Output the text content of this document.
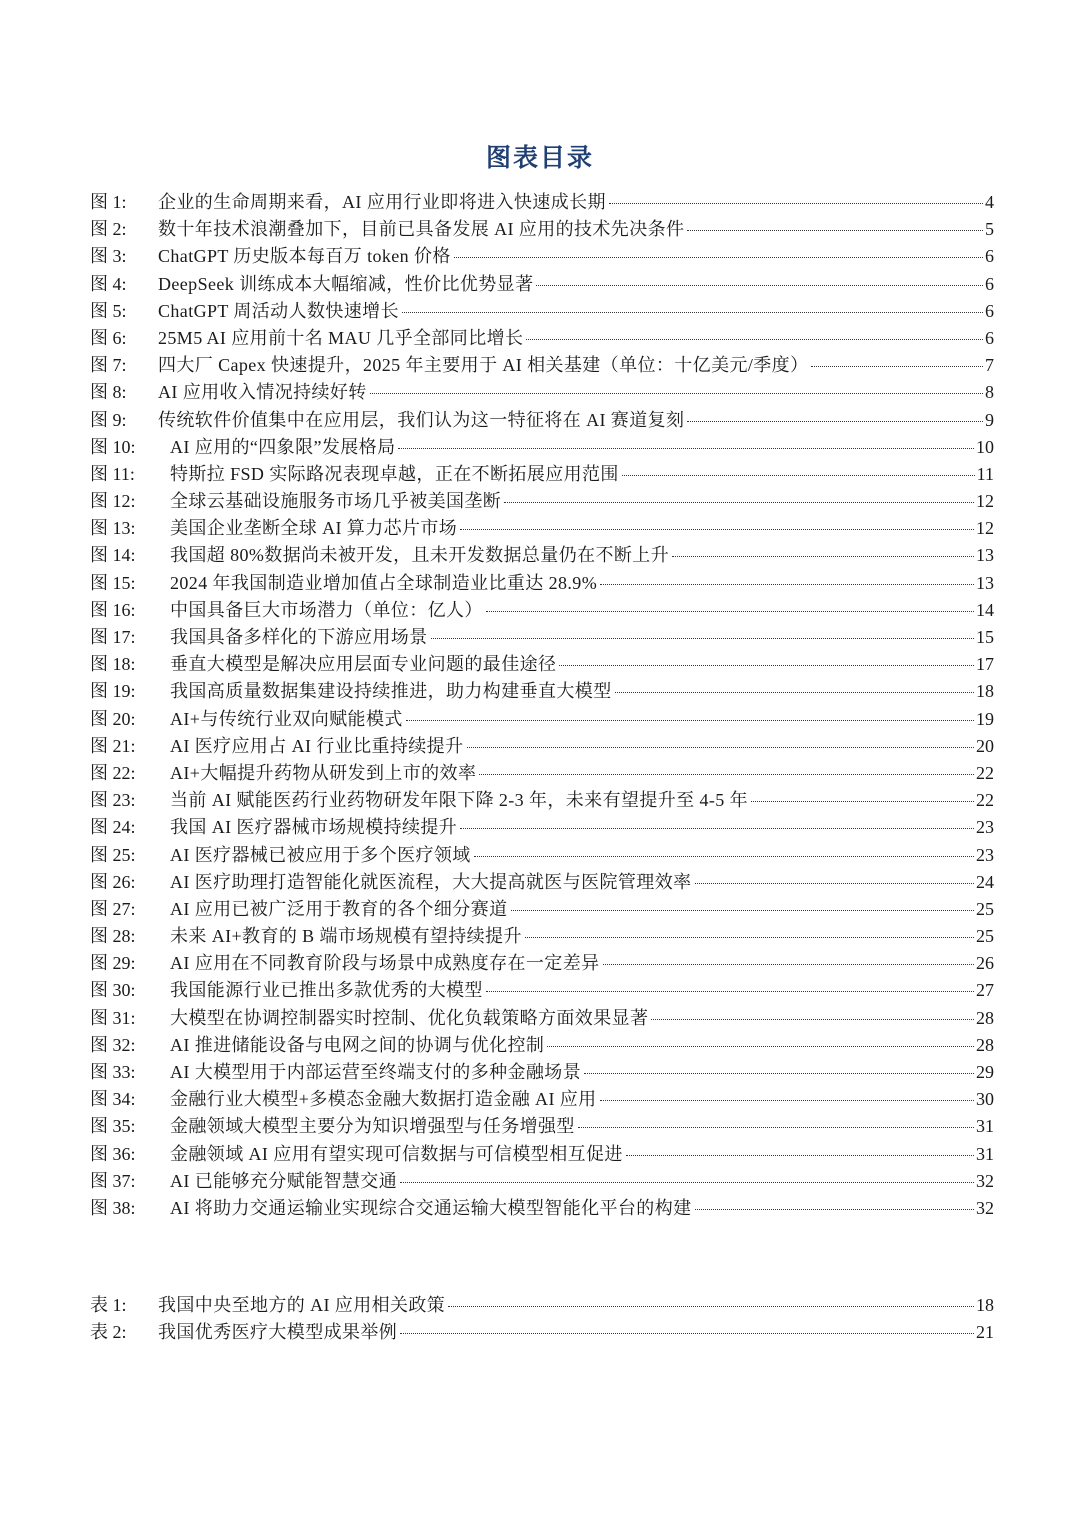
图表目录
图 1:	企业的生命周期来看，AI 应用行业即将进入快速成长期	4
图 2:	数十年技术浪潮叠加下，目前已具备发展 AI 应用的技术先决条件	5
图 3:	ChatGPT 历史版本每百万 token 价格	6
图 4:	DeepSeek 训练成本大幅缩减，性价比优势显著	6
图 5:	ChatGPT 周活动人数快速增长	6
图 6:	25M5 AI 应用前十名 MAU 几乎全部同比增长	6
图 7:	四大厂 Capex 快速提升，2025 年主要用于 AI 相关基建（单位：十亿美元/季度）	7
图 8:	AI 应用收入情况持续好转	8
图 9:	传统软件价值集中在应用层，我们认为这一特征将在 AI 赛道复刻	9
图 10:	AI 应用的“四象限”发展格局	10
图 11:	特斯拉 FSD 实际路况表现卓越，正在不断拓展应用范围	11
图 12:	全球云基础设施服务市场几乎被美国垄断	12
图 13:	美国企业垄断全球 AI 算力芯片市场	12
图 14:	我国超 80%数据尚未被开发，且未开发数据总量仍在不断上升	13
图 15:	2024 年我国制造业增加值占全球制造业比重达 28.9%	13
图 16:	中国具备巨大市场潜力（单位：亿人）	14
图 17:	我国具备多样化的下游应用场景	15
图 18:	垂直大模型是解决应用层面专业问题的最佳途径	17
图 19:	我国高质量数据集建设持续推进，助力构建垂直大模型	18
图 20:	AI+与传统行业双向赋能模式	19
图 21:	AI 医疗应用占 AI 行业比重持续提升	20
图 22:	AI+大幅提升药物从研发到上市的效率	22
图 23:	当前 AI 赋能医药行业药物研发年限下降 2-3 年，未来有望提升至 4-5 年	22
图 24:	我国 AI 医疗器械市场规模持续提升	23
图 25:	AI 医疗器械已被应用于多个医疗领域	23
图 26:	AI 医疗助理打造智能化就医流程，大大提高就医与医院管理效率	24
图 27:	AI 应用已被广泛用于教育的各个细分赛道	25
图 28:	未来 AI+教育的 B 端市场规模有望持续提升	25
图 29:	AI 应用在不同教育阶段与场景中成熟度存在一定差异	26
图 30:	我国能源行业已推出多款优秀的大模型	27
图 31:	大模型在协调控制器实时控制、优化负载策略方面效果显著	28
图 32:	AI 推进储能设备与电网之间的协调与优化控制	28
图 33:	AI 大模型用于内部运营至终端支付的多种金融场景	29
图 34:	金融行业大模型+多模态金融大数据打造金融 AI 应用	30
图 35:	金融领域大模型主要分为知识增强型与任务增强型	31
图 36:	金融领域 AI 应用有望实现可信数据与可信模型相互促进	31
图 37:	AI 已能够充分赋能智慧交通	32
图 38:	AI 将助力交通运输业实现综合交通运输大模型智能化平台的构建	32
表 1:	我国中央至地方的 AI 应用相关政策	18
表 2:	我国优秀医疗大模型成果举例	21
